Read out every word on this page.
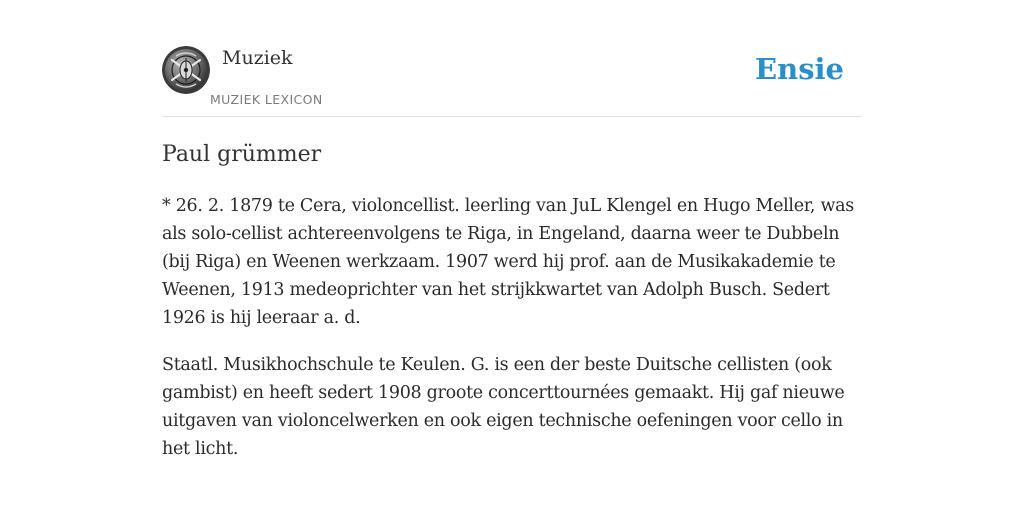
Muziek
MUZIEK LEXICON
Ensie
Paul grümmer

* 26. 2. 1879 te Cera, violoncellist. leerling van JuL Klengel en Hugo Meller, was als solo-cellist achtereenvolgens te Riga, in Engeland, daarna weer te Dubbeln (bij Riga) en Weenen werkzaam. 1907 werd hij prof. aan de Musikakademie te Weenen, 1913 medeoprichter van het strijkkwartet van Adolph Busch. Sedert 1926 is hij leeraar a. d.

Staatl. Musikhochschule te Keulen. G. is een der beste Duitsche cellisten (ook gambist) en heeft sedert 1908 groote concerttournées gemaakt. Hij gaf nieuwe uitgaven van violoncelwerken en ook eigen technische oefeningen voor cello in het licht.
